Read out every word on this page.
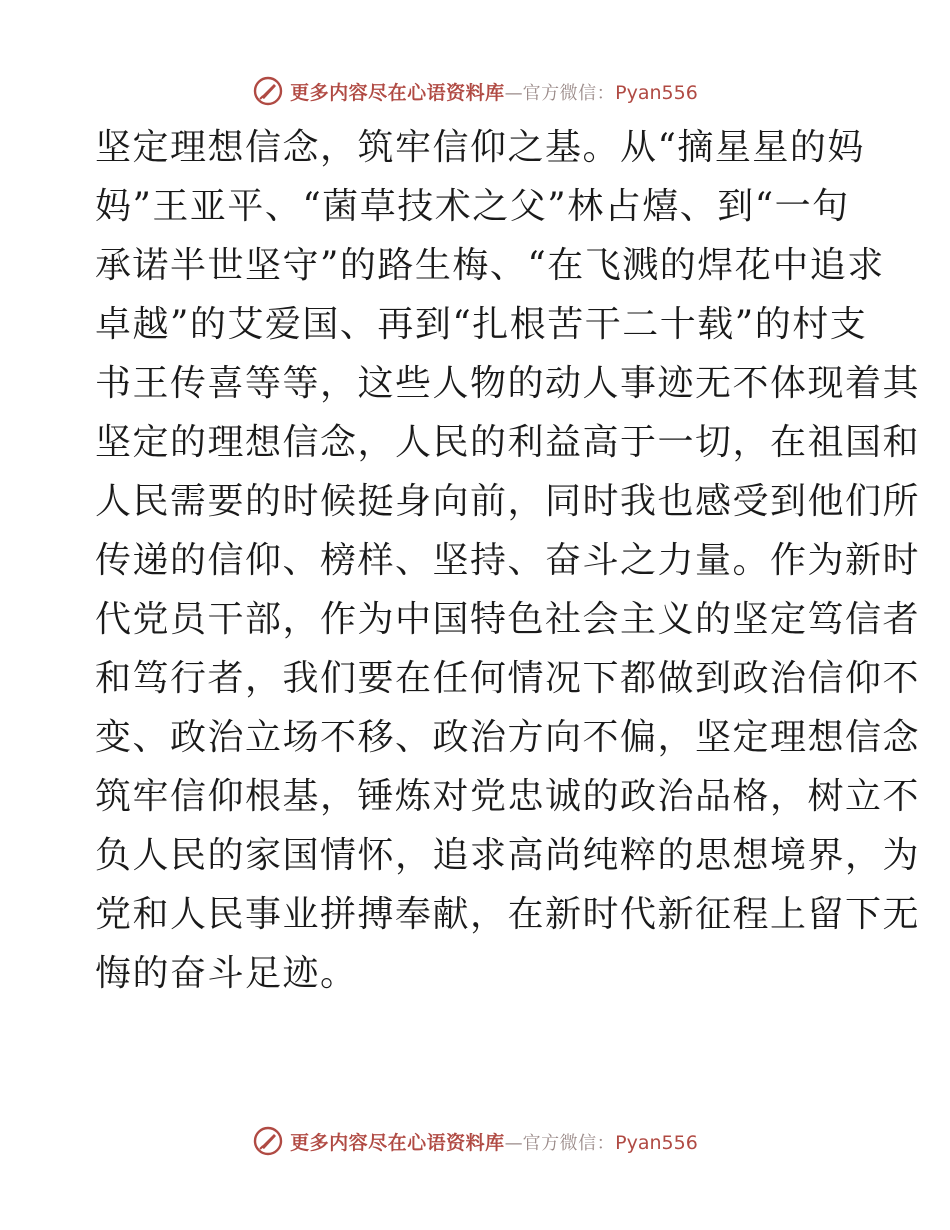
更多内容尽在心语资料库 — 官方微信： Pyan556
坚定理想信念，筑牢信仰之基。从“摘星星的妈
妈”王亚平、“菌草技术之父”林占熺、到“一句
承诺半世坚守”的路生梅、“在飞溅的焊花中追求
卓越”的艾爱国、再到“扎根苦干二十载”的村支
书王传喜等等，这些人物的动人事迹无不体现着其
坚定的理想信念，人民的利益高于一切，在祖国和
人民需要的时候挺身向前，同时我也感受到他们所
传递的信仰、榜样、坚持、奋斗之力量。作为新时
代党员干部，作为中国特色社会主义的坚定笃信者
和笃行者，我们要在任何情况下都做到政治信仰不
变、政治立场不移、政治方向不偏，坚定理想信念
筑牢信仰根基，锤炼对党忠诚的政治品格，树立不
负人民的家国情怀，追求高尚纯粹的思想境界，为
党和人民事业拼搏奉献，在新时代新征程上留下无
悔的奋斗足迹。
更多内容尽在心语资料库 — 官方微信： Pyan556
